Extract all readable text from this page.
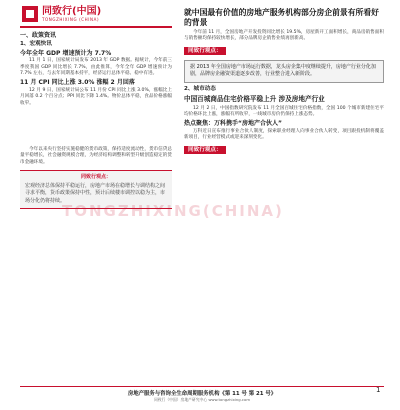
同致行(中国)
TONGZHIXING (CHINA)
一、政策资讯
1、宏观快讯
今年全年 GDP 增速预计为 7.7%
11 月 1 日，国家统计局发布 2013 年 GDP 数据。据统计，今年前三季度我国 GDP 同比增长 7.7%，由此推算，今年全年 GDP 增速预计为 7.7% 左右，与去年同期基本持平，经济运行总体平稳、稳中有进。
11 月 CPI 同比上涨 3.0% 涨幅 2 月回落
12 月 9 日，国家统计局公布 11 月份 CPI 同比上涨 3.0%，涨幅比上月回落 0.2 个百分点；PPI 同比下降 1.4%。物价总体平稳，食品价格涨幅收窄。
今年以来央行坚持实施稳健的货币政策，保持适度流动性，货币信贷总量平稳增长，社会融资规模合理，为经济结构调整和转型升级创造稳定的货币金融环境。
同致行观点：
宏观经济总体保持平稳运行，房地产市场在稳增长与调结构之间寻求平衡，货币政策保持中性，预计后续楼市调控以稳为主，市场分化仍将持续。
就中国最有价值的房地产服务机构部分房企前景有所看好的背景
今年前 11 月，全国房地产开发投资同比增长 19.5%，房屋新开工面积增长，商品房销售面积与销售额均保持较快增长，部分品牌房企销售业绩再创新高。
同致行观点：
据 2013 年全国房地产市场运行数据，龙头房企集中度继续提升，房地产行业分化加剧，品牌房企融资渠道逐步改善，行业整合进入新阶段。
2、城市动态
中国百城商品住宅价格平稳上升 涉及房地产行业
12 月 2 日，中国指数研究院发布 11 月全国百城住宅价格指数，全国 100 个城市新建住宅平均价格环比上涨，涨幅有所收窄，一线城市房价仍保持上涨态势。
热点聚焦：万科携手“房地产合伙人”
万科近日宣布推行事业合伙人制度，探索职业经理人向事业合伙人转变，项目跟投机制将覆盖新项目，行业经营模式或迎来深刻变化。
同致行观点：
TONGZHIXING(CHINA)
房地产服务与咨询全生命周期服务机构《第 11 号 第 21 号》
同致行（中国）房地产研究中心 www.tongzhixing.com
1
